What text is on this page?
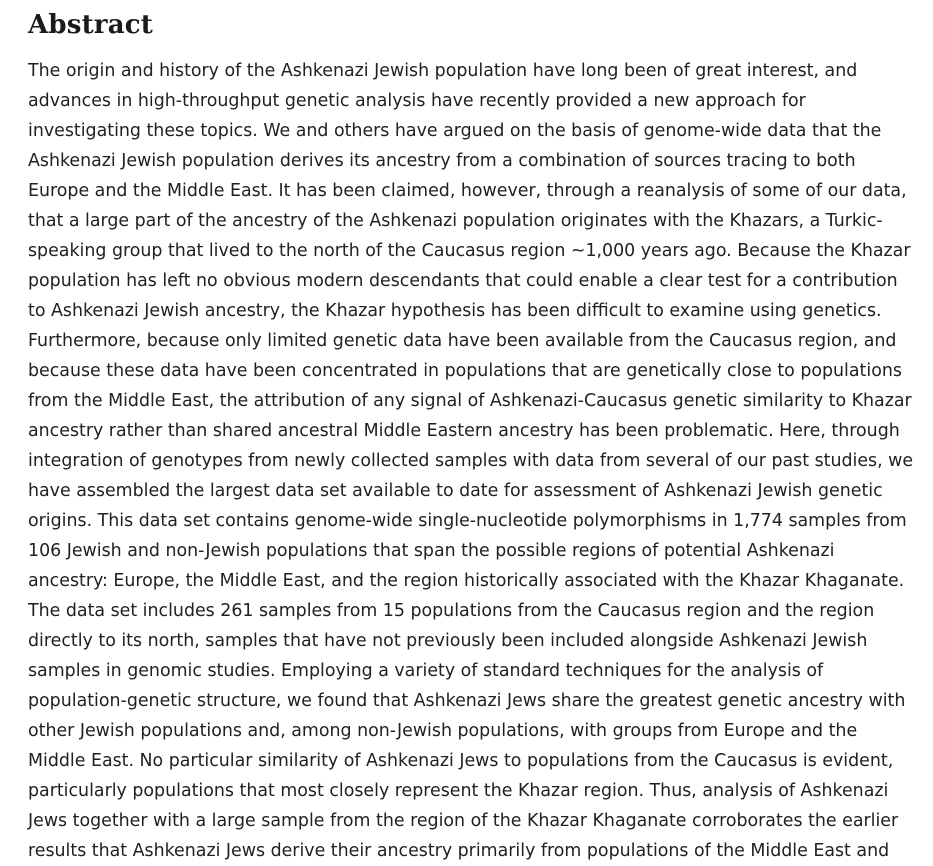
Abstract
The origin and history of the Ashkenazi Jewish population have long been of great interest, and
advances in high-throughput genetic analysis have recently provided a new approach for
investigating these topics. We and others have argued on the basis of genome-wide data that the
Ashkenazi Jewish population derives its ancestry from a combination of sources tracing to both
Europe and the Middle East. It has been claimed, however, through a reanalysis of some of our data,
that a large part of the ancestry of the Ashkenazi population originates with the Khazars, a Turkic-
speaking group that lived to the north of the Caucasus region ~1,000 years ago. Because the Khazar
population has left no obvious modern descendants that could enable a clear test for a contribution
to Ashkenazi Jewish ancestry, the Khazar hypothesis has been difficult to examine using genetics.
Furthermore, because only limited genetic data have been available from the Caucasus region, and
because these data have been concentrated in populations that are genetically close to populations
from the Middle East, the attribution of any signal of Ashkenazi-Caucasus genetic similarity to Khazar
ancestry rather than shared ancestral Middle Eastern ancestry has been problematic. Here, through
integration of genotypes from newly collected samples with data from several of our past studies, we
have assembled the largest data set available to date for assessment of Ashkenazi Jewish genetic
origins. This data set contains genome-wide single-nucleotide polymorphisms in 1,774 samples from
106 Jewish and non-Jewish populations that span the possible regions of potential Ashkenazi
ancestry: Europe, the Middle East, and the region historically associated with the Khazar Khaganate.
The data set includes 261 samples from 15 populations from the Caucasus region and the region
directly to its north, samples that have not previously been included alongside Ashkenazi Jewish
samples in genomic studies. Employing a variety of standard techniques for the analysis of
population-genetic structure, we found that Ashkenazi Jews share the greatest genetic ancestry with
other Jewish populations and, among non-Jewish populations, with groups from Europe and the
Middle East. No particular similarity of Ashkenazi Jews to populations from the Caucasus is evident,
particularly populations that most closely represent the Khazar region. Thus, analysis of Ashkenazi
Jews together with a large sample from the region of the Khazar Khaganate corroborates the earlier
results that Ashkenazi Jews derive their ancestry primarily from populations of the Middle East and
